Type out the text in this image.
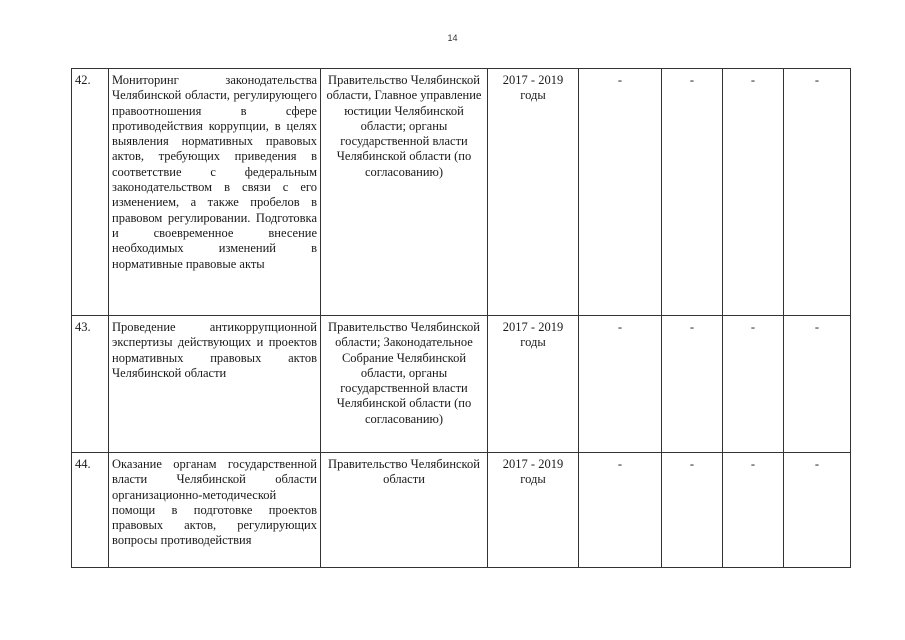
14
42.	Мониторинг законодательства Челябинской области, регулирующего правоотношения в сфере противодействия коррупции, в целях выявления нормативных правовых актов, требующих приведения в соответствие с федеральным законодательством в связи с его изменением, а также пробелов в правовом регулировании. Подготовка и своевременное внесение необходимых изменений в нормативные правовые акты	Правительство Челябинской области, Главное управление юстиции Челябинской области; органы государственной власти Челябинской области (по согласованию)	2017 - 2019 годы	-	-	-	-
43.	Проведение антикоррупционной экспертизы действующих и проектов нормативных правовых актов Челябинской области	Правительство Челябинской области; Законодательное Собрание Челябинской области, органы государственной власти Челябинской области (по согласованию)	2017 - 2019 годы	-	-	-	-
44.	Оказание органам государственной власти Челябинской области организационно-методической помощи в подготовке проектов правовых актов, регулирующих вопросы противодействия	Правительство Челябинской области	2017 - 2019 годы	-	-	-	-
